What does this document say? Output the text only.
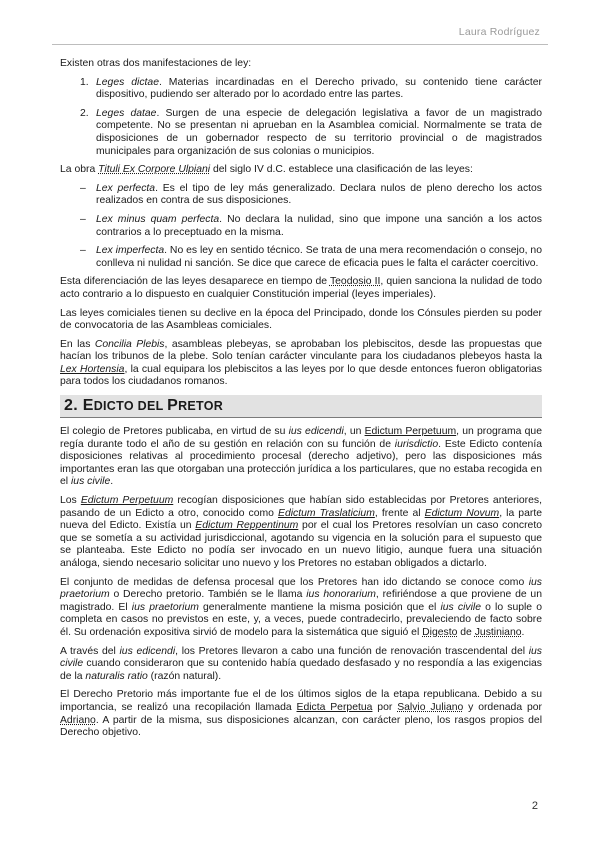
Laura Rodríguez

Existen otras dos manifestaciones de ley:

1. Leges dictae. Materias incardinadas en el Derecho privado, su contenido tiene carácter dispositivo, pudiendo ser alterado por lo acordado entre las partes.
2. Leges datae. Surgen de una especie de delegación legislativa a favor de un magistrado competente. No se presentan ni aprueban en la Asamblea comicial. Normalmente se trata de disposiciones de un gobernador respecto de su territorio provincial o de magistrados municipales para organización de sus colonias o municipios.

La obra Tituli Ex Corpore Ulpiani del siglo IV d.C. establece una clasificación de las leyes:

– Lex perfecta. Es el tipo de ley más generalizado. Declara nulos de pleno derecho los actos realizados en contra de sus disposiciones.
– Lex minus quam perfecta. No declara la nulidad, sino que impone una sanción a los actos contrarios a lo preceptuado en la misma.
– Lex imperfecta. No es ley en sentido técnico. Se trata de una mera recomendación o consejo, no conlleva ni nulidad ni sanción. Se dice que carece de eficacia pues le falta el carácter coercitivo.

Esta diferenciación de las leyes desaparece en tiempo de Teodosio II, quien sanciona la nulidad de todo acto contrario a lo dispuesto en cualquier Constitución imperial (leyes imperiales).

Las leyes comiciales tienen su declive en la época del Principado, donde los Cónsules pierden su poder de convocatoria de las Asambleas comiciales.

En las Concilia Plebis, asambleas plebeyas, se aprobaban los plebiscitos, desde las propuestas que hacían los tribunos de la plebe. Solo tenían carácter vinculante para los ciudadanos plebeyos hasta la Lex Hortensia, la cual equipara los plebiscitos a las leyes por lo que desde entonces fueron obligatorias para todos los ciudadanos romanos.

2. EDICTO DEL PRETOR

El colegio de Pretores publicaba, en virtud de su ius edicendi, un Edictum Perpetuum, un programa que regía durante todo el año de su gestión en relación con su función de iurisdictio. Este Edicto contenía disposiciones relativas al procedimiento procesal (derecho adjetivo), pero las disposiciones más importantes eran las que otorgaban una protección jurídica a los particulares, que no estaba recogida en el ius civile.

Los Edictum Perpetuum recogían disposiciones que habían sido establecidas por Pretores anteriores, pasando de un Edicto a otro, conocido como Edictum Traslaticium, frente al Edictum Novum, la parte nueva del Edicto. Existía un Edictum Reppentinum por el cual los Pretores resolvían un caso concreto que se sometía a su actividad jurisdiccional, agotando su vigencia en la solución para el supuesto que se planteaba. Este Edicto no podía ser invocado en un nuevo litigio, aunque fuera una situación análoga, siendo necesario solicitar uno nuevo y los Pretores no estaban obligados a dictarlo.

El conjunto de medidas de defensa procesal que los Pretores han ido dictando se conoce como ius praetorium o Derecho pretorio. También se le llama ius honorarium, refiriéndose a que proviene de un magistrado. El ius praetorium generalmente mantiene la misma posición que el ius civile o lo suple o completa en casos no previstos en este, y, a veces, puede contradecirlo, prevaleciendo de facto sobre él. Su ordenación expositiva sirvió de modelo para la sistemática que siguió el Digesto de Justiniano.

A través del ius edicendi, los Pretores llevaron a cabo una función de renovación trascendental del ius civile cuando consideraron que su contenido había quedado desfasado y no respondía a las exigencias de la naturalis ratio (razón natural).

El Derecho Pretorio más importante fue el de los últimos siglos de la etapa republicana. Debido a su importancia, se realizó una recopilación llamada Edicta Perpetua por Salvio Juliano y ordenada por Adriano. A partir de la misma, sus disposiciones alcanzan, con carácter pleno, los rasgos propios del Derecho objetivo.

2
